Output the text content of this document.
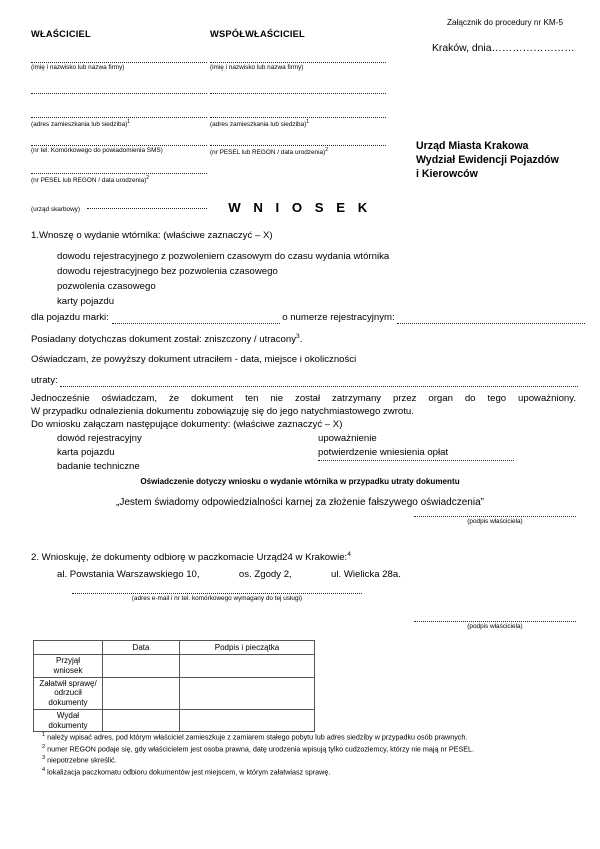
Załącznik do procedury nr KM-5
Kraków, dnia……………………
WŁAŚCICIEL	WSPÓŁWŁAŚCICIEL
(imię i nazwisko lub nazwa firmy)
(adres zamieszkania lub siedziba)$^1$
(nr tel. Komórkowego do powiadomienia SMS)
(nr PESEL lub REGON / data urodzenia)$^2$
(imię i nazwisko lub nazwa firmy)
(adres zamieszkania lub siedziba)$^1$
(nr PESEL lub REGON / data urodzenia)$^2$	Urząd Miasta Krakowa
Wydział Ewidencji Pojazdów
i Kierowców
(urząd skarbowy)	W N I O S E K
1.Wnoszę o wydanie wtórnika: (właściwe zaznaczyć – X)
dowodu rejestracyjnego z pozwoleniem czasowym do czasu wydania wtórnika
dowodu rejestracyjnego bez pozwolenia czasowego
pozwolenia czasowego
karty pojazdu
dla pojazdu marki:	o numerze rejestracyjnym:
Posiadany dotychczas dokument został: zniszczony / utracony$^3$.
Oświadczam, że powyższy dokument utraciłem - data, miejsce i okoliczności
utraty:
Jednocześnie oświadczam, że dokument ten nie został zatrzymany przez organ do tego upoważniony.
W przypadku odnalezienia dokumentu zobowiązuję się do jego natychmiastowego zwrotu.
Do wniosku załączam następujące dokumenty: (właściwe zaznaczyć – X)
dowód rejestracyjny
karta pojazdu
badanie techniczne
upoważnienie
potwierdzenie wniesienia opłat
Oświadczenie dotyczy wniosku o wydanie wtórnika w przypadku utraty dokumentu
„Jestem świadomy odpowiedzialności karnej za złożenie fałszywego oświadczenia”
(podpis właściciela)
2. Wnioskuję, że dokumenty odbiorę w paczkomacie Urząd24 w Krakowie:$^4$
al. Powstania Warszawskiego 10,	os. Zgody 2,	ul. Wielicka 28a.
(adres e-mail i nr tel. komórkowego wymagany do tej usługi)
(podpis właściciela)
	Data	Podpis i pieczątka

Przyjął
wniosek		

Załatwił sprawę/
odrzucił
dokumenty		

Wydał
dokumenty		

$^1$ należy wpisać adres, pod którym właściciel zamieszkuje z zamiarem stałego pobytu lub adres siedziby w przypadku osób prawnych.
$^2$ numer REGON podaje się, gdy właścicielem jest osoba prawna, datę urodzenia wpisują tylko cudzoziemcy, którzy nie mają nr PESEL.
$^3$ niepotrzebne skreślić.
$^4$ lokalizacja paczkomatu odbioru dokumentów jest miejscem, w którym załatwiasz sprawę.
